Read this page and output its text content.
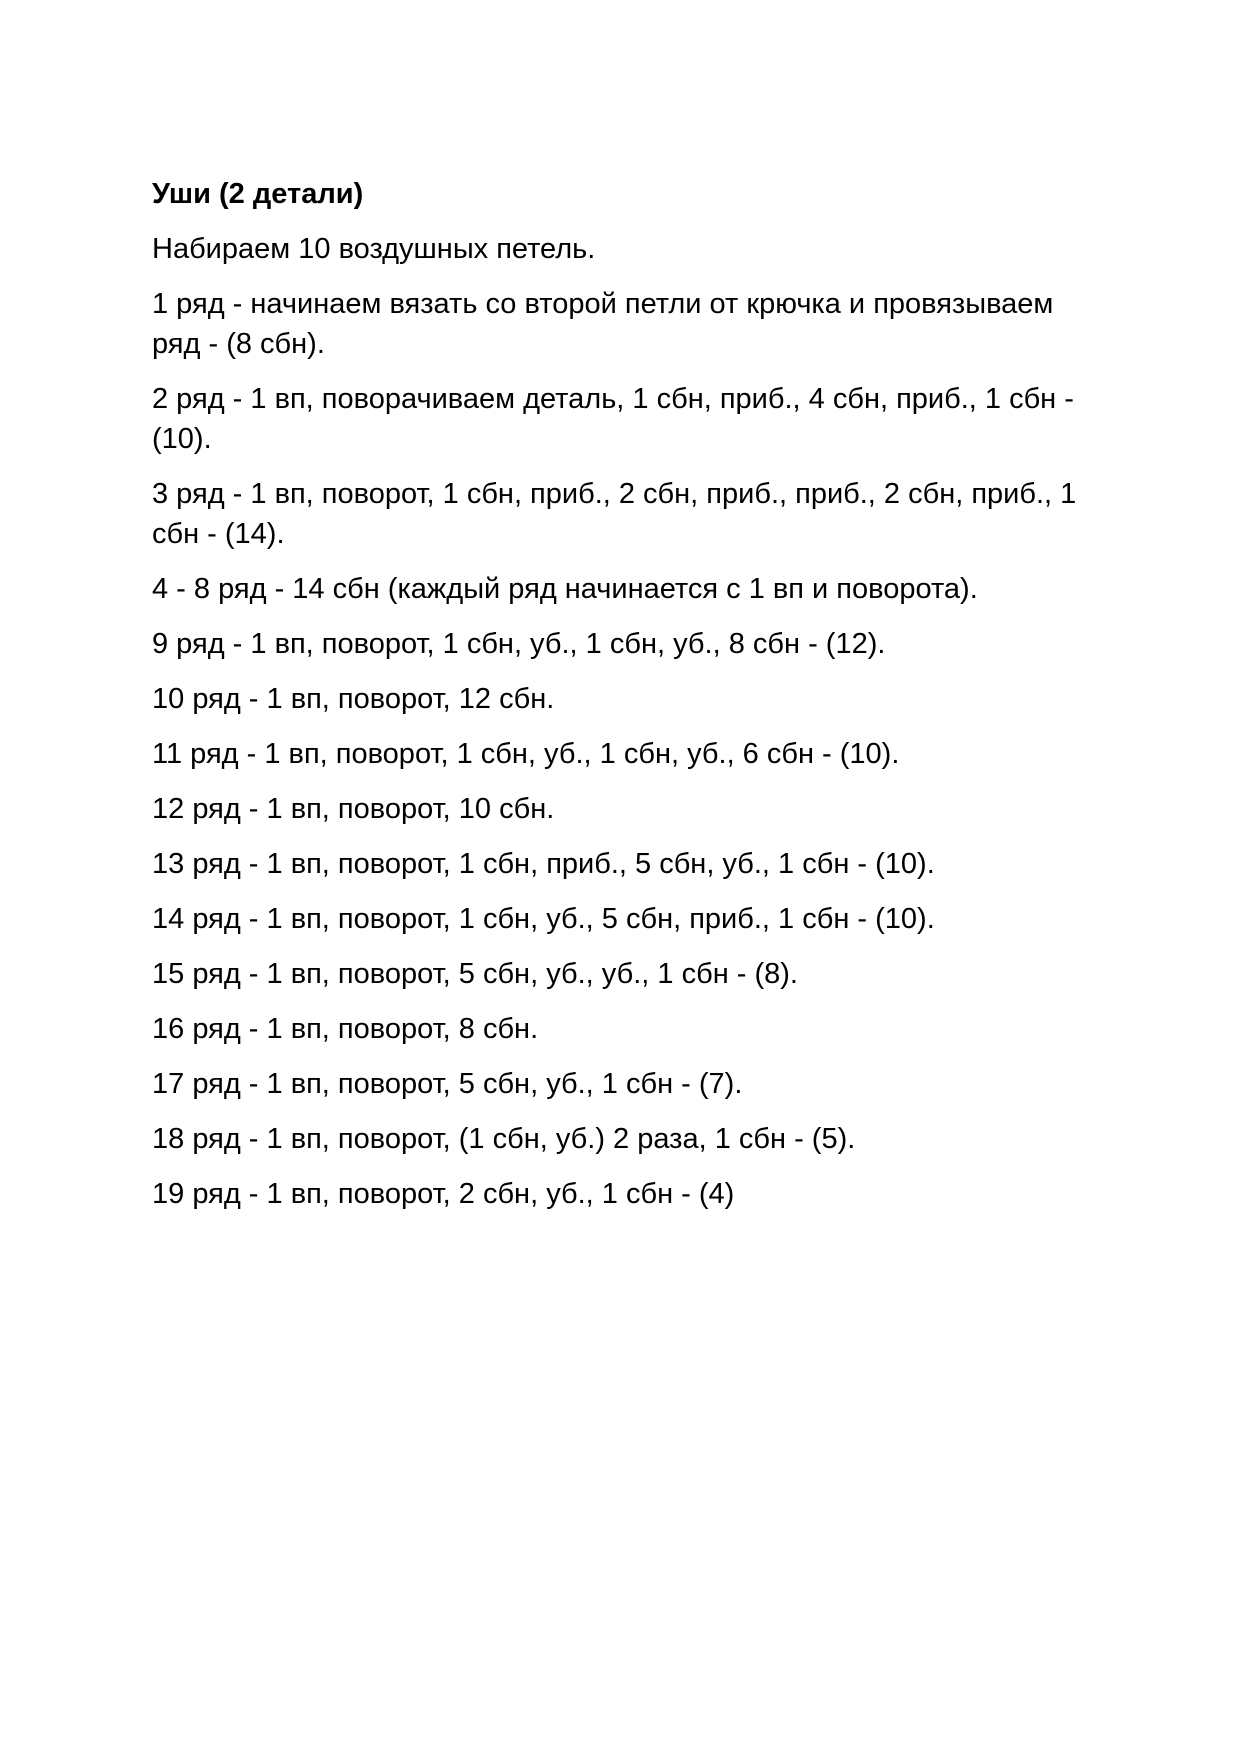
Уши (2 детали)
Набираем 10 воздушных петель.
1 ряд - начинаем вязать со второй петли от крючка и провязываем ряд - (8 сбн).
2 ряд - 1 вп, поворачиваем деталь, 1 сбн, приб., 4 сбн, приб., 1 сбн - (10).
3 ряд - 1 вп, поворот, 1 сбн, приб., 2 сбн, приб., приб., 2 сбн, приб., 1 сбн - (14).
4 - 8 ряд - 14 сбн (каждый ряд начинается с 1 вп и поворота).
9 ряд - 1 вп, поворот, 1 сбн, уб., 1 сбн, уб., 8 сбн - (12).
10 ряд - 1 вп, поворот, 12 сбн.
11 ряд - 1 вп, поворот, 1 сбн, уб., 1 сбн, уб., 6 сбн - (10).
12 ряд - 1 вп, поворот, 10 сбн.
13 ряд - 1 вп, поворот, 1 сбн, приб., 5 сбн, уб., 1 сбн - (10).
14 ряд - 1 вп, поворот, 1 сбн, уб., 5 сбн, приб., 1 сбн - (10).
15 ряд - 1 вп, поворот, 5 сбн, уб., уб., 1 сбн - (8).
16 ряд - 1 вп, поворот, 8 сбн.
17 ряд - 1 вп, поворот, 5 сбн, уб., 1 сбн - (7).
18 ряд - 1 вп, поворот, (1 сбн, уб.) 2 раза, 1 сбн - (5).
19 ряд - 1 вп, поворот, 2 сбн, уб., 1 сбн - (4)
